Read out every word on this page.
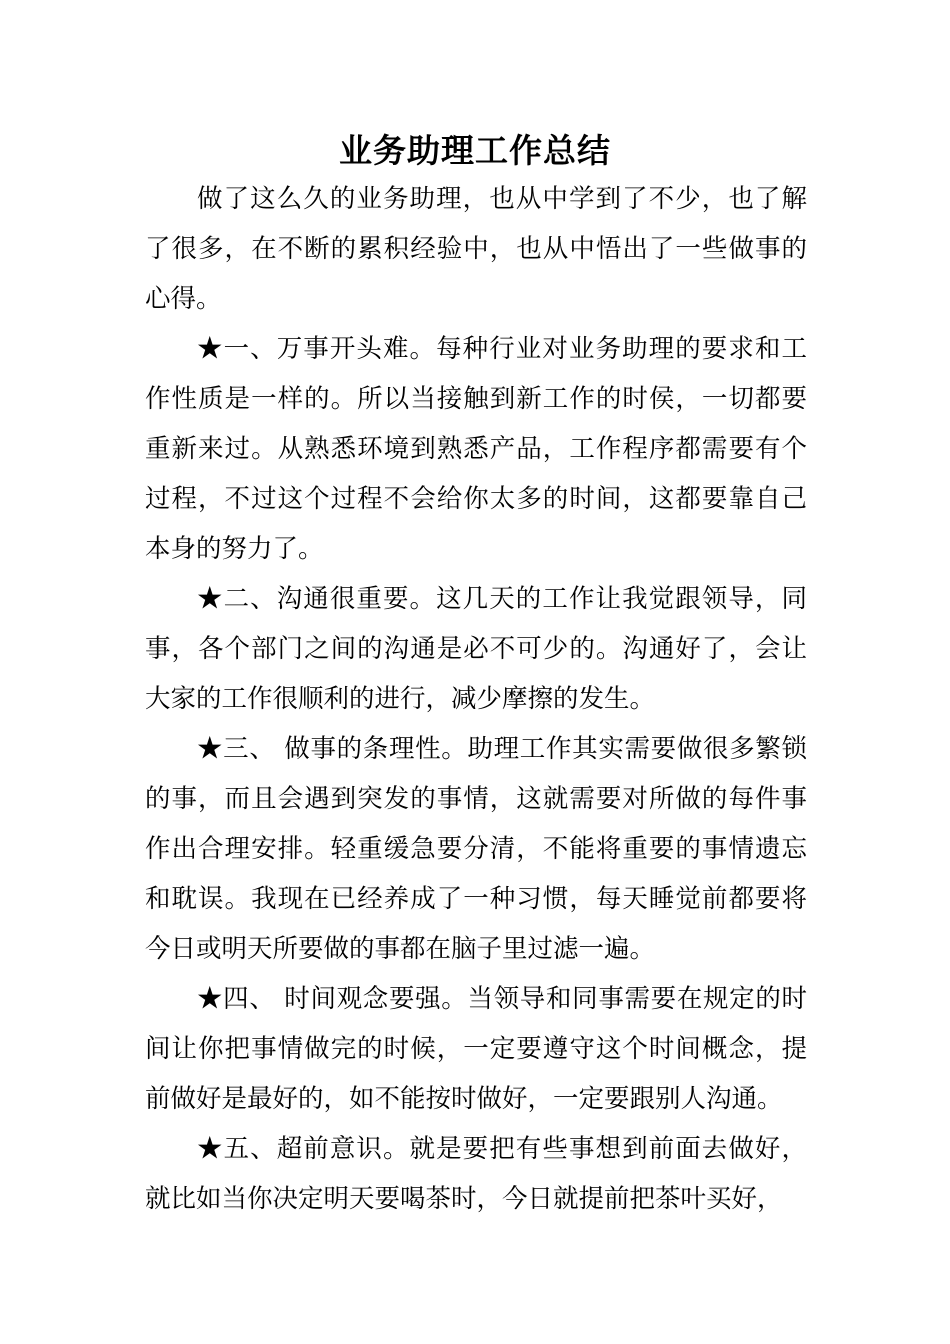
业务助理工作总结

做了这么久的业务助理，也从中学到了不少，也了解了很多，在不断的累积经验中，也从中悟出了一些做事的心得。

★一、万事开头难。每种行业对业务助理的要求和工作性质是一样的。所以当接触到新工作的时侯，一切都要重新来过。从熟悉环境到熟悉产品，工作程序都需要有个过程，不过这个过程不会给你太多的时间，这都要靠自己本身的努力了。

★二、沟通很重要。这几天的工作让我觉跟领导，同事，各个部门之间的沟通是必不可少的。沟通好了，会让大家的工作很顺利的进行，减少摩擦的发生。

★三、 做事的条理性。助理工作其实需要做很多繁锁的事，而且会遇到突发的事情，这就需要对所做的每件事作出合理安排。轻重缓急要分清，不能将重要的事情遗忘和耽误。我现在已经养成了一种习惯，每天睡觉前都要将今日或明天所要做的事都在脑子里过滤一遍。

★四、 时间观念要强。当领导和同事需要在规定的时间让你把事情做完的时候，一定要遵守这个时间概念，提前做好是最好的，如不能按时做好，一定要跟别人沟通。

★五、超前意识。就是要把有些事想到前面去做好，就比如当你决定明天要喝茶时，今日就提前把茶叶买好，
